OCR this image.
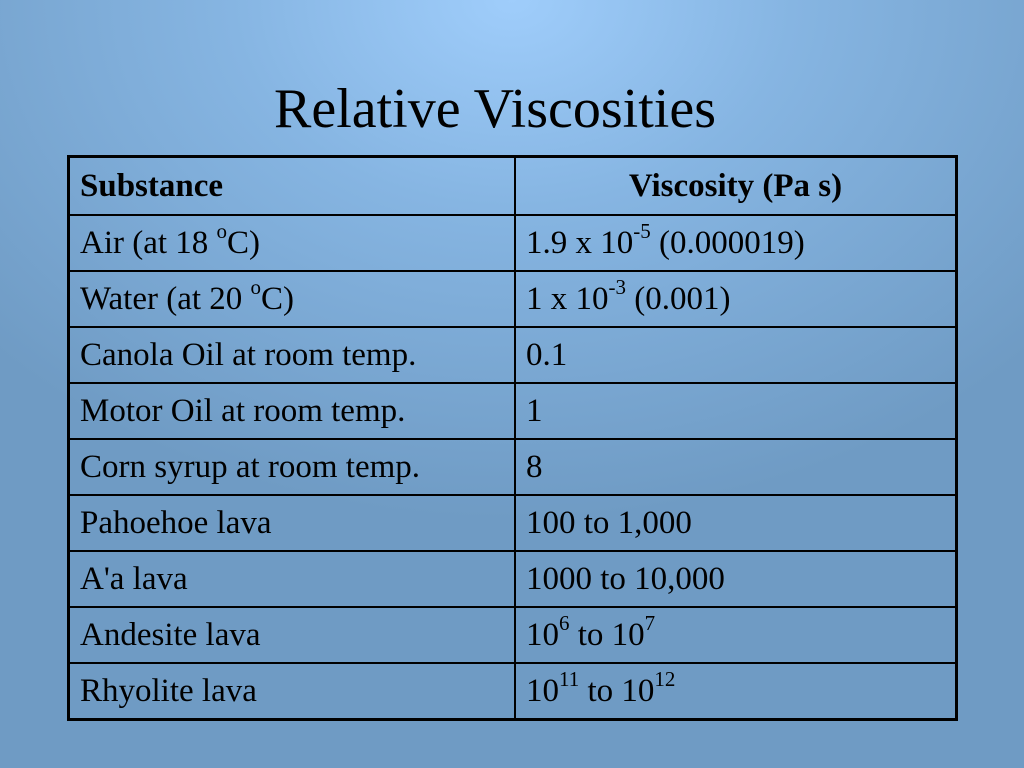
Relative Viscosities
Substance	Viscosity (Pa s)
Air (at 18 $^o$C)	1.9 x $10^{-5}$ (0.000019)
Water (at 20 $^o$C)	1 x $10^{-3}$ (0.001)
Canola Oil at room temp.	0.1
Motor Oil at room temp.	1
Corn syrup at room temp.	8
Pahoehoe lava	100 to 1,000
A'a lava	1000 to 10,000
Andesite lava	$10^6$ to $10^7$
Rhyolite lava	$10^{11}$ to $10^{12}$
